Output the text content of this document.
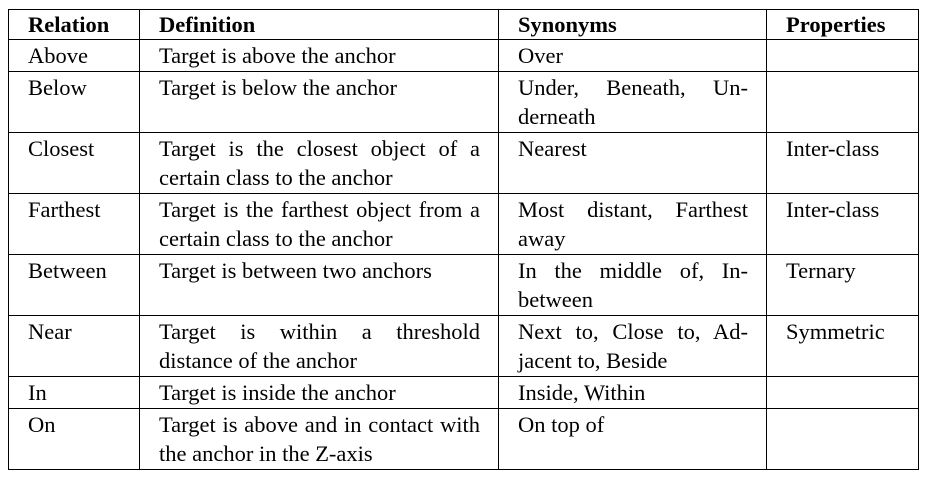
Relation	Definition	Synonyms	Properties
Above	Target is above the anchor	Over	
Below	Target is below the anchor	Under, Beneath, Underneath	
Closest	Target is the closest object of a certain class to the anchor	Nearest	Inter-class
Farthest	Target is the farthest object from a certain class to the anchor	Most distant, Farthest away	Inter-class
Between	Target is between two anchors	In the middle of, Inbetween	Ternary
Near	Target is within a threshold distance of the anchor	Next to, Close to, Adjacent to, Beside	Symmetric
In	Target is inside the anchor	Inside, Within	
On	Target is above and in contact with the anchor in the Z-axis	On top of	
